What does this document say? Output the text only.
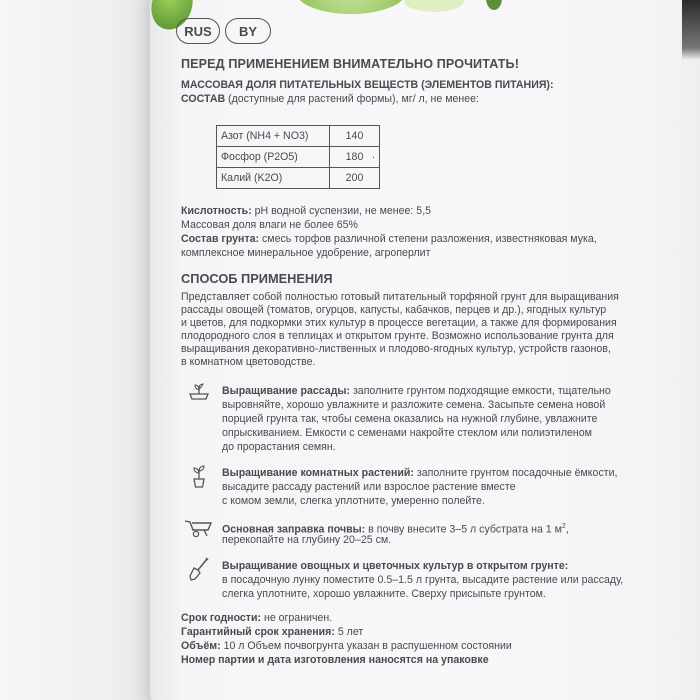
RUS	BY
ПЕРЕД ПРИМЕНЕНИЕМ ВНИМАТЕЛЬНО ПРОЧИТАТЬ!
МАССОВАЯ ДОЛЯ ПИТАТЕЛЬНЫХ ВЕЩЕСТВ (ЭЛЕМЕНТОВ ПИТАНИЯ):
СОСТАВ (доступные для растений формы), мг/ л, не менее:
Азот (NH4 + NO3)	140
Фосфор (P2O5)	180
Калий (K2O)	200
.
Кислотность: pH водной суспензии, не менее: 5,5
Массовая доля влаги не более 65%
Состав грунта: смесь торфов различной степени разложения, известняковая мука,
комплексное минеральное удобрение, агроперлит
СПОСОБ ПРИМЕНЕНИЯ
Представляет собой полностью готовый питательный торфяной грунт для выращивания
рассады овощей (томатов, огурцов, капусты, кабачков, перцев и др.), ягодных культур
и цветов, для подкормки этих культур в процессе вегетации, а также для формирования
плодородного слоя в теплицах и открытом грунте. Возможно использование грунта для
выращивания декоративно-лиственных и плодово-ягодных культур, устройств газонов,
в комнатном цветоводстве.
Выращивание рассады: заполните грунтом подходящие емкости, тщательно
выровняйте, хорошо увлажните и разложите семена. Засыпьте семена новой
порцией грунта так, чтобы семена оказались на нужной глубине, увлажните
опрыскиванием. Емкости с семенами накройте стеклом или полиэтиленом
до прорастания семян.
Выращивание комнатных растений: заполните грунтом посадочные ёмкости,
высадите рассаду растений или взрослое растение вместе
с комом земли, слегка уплотните, умеренно полейте.
Основная заправка почвы: в почву внесите 3–5 л субстрата на 1 $м^2$,
перекопайте на глубину 20–25 см.
Выращивание овощных и цветочных культур в открытом грунте:
в посадочную лунку поместите 0.5–1.5 л грунта, высадите растение или рассаду,
слегка уплотните, хорошо увлажните. Сверху присыпьте грунтом.
Срок годности: не ограничен.
Гарантийный срок хранения: 5 лет
Объём: 10 л Объем почвогрунта указан в распушенном состоянии
Номер партии и дата изготовления наносятся на упаковке
